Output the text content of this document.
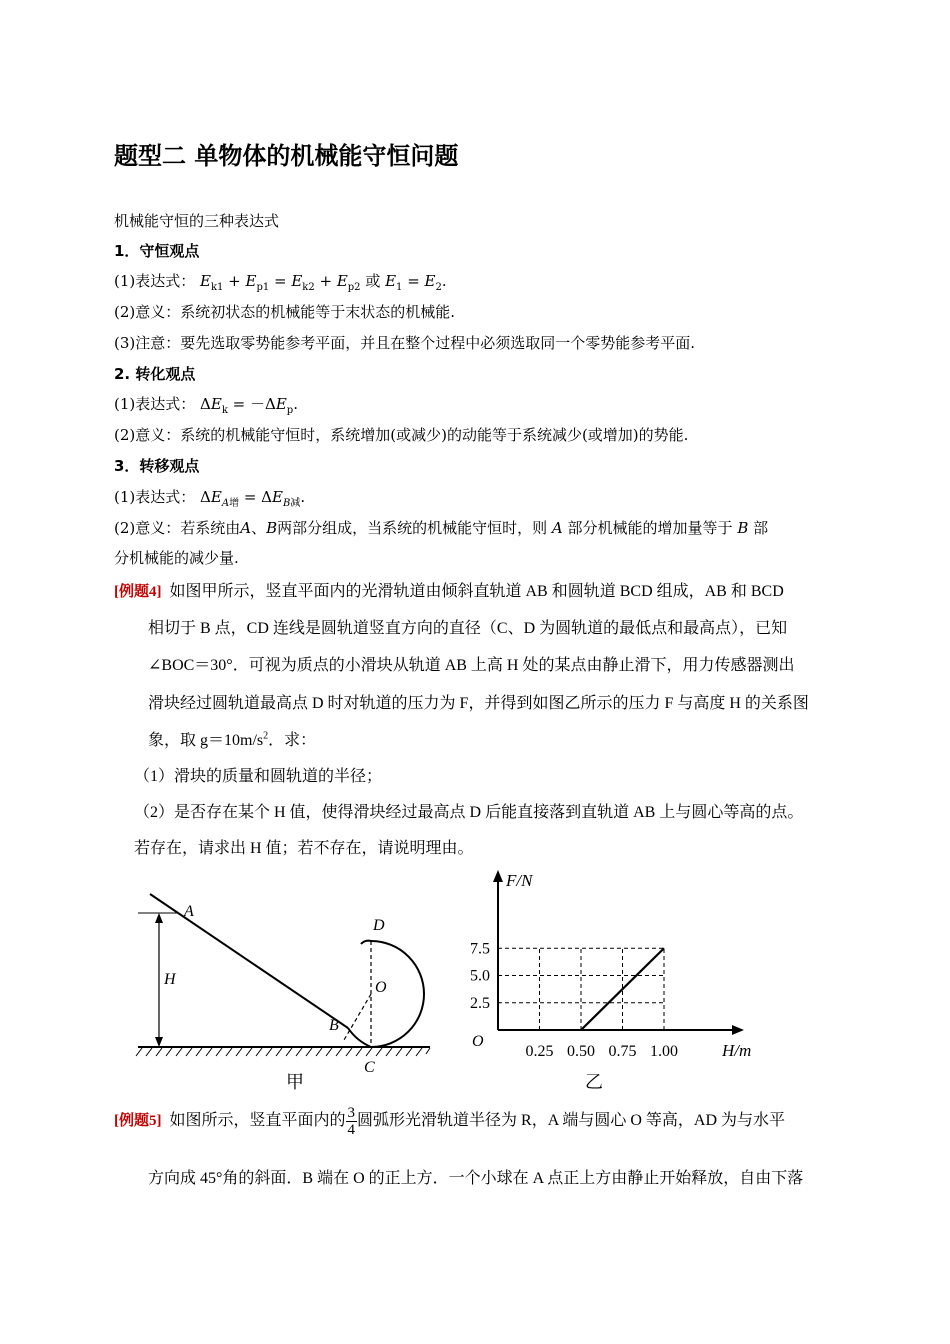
题型二 单物体的机械能守恒问题
机械能守恒的三种表达式
1．守恒观点
(1)表达式： $E_{k1} + E_{p1} = E_{k2} + E_{p2}$ 或 $E_1 = E_2$.
(2)意义：系统初状态的机械能等于末状态的机械能.
(3)注意：要先选取零势能参考平面，并且在整个过程中必须选取同一个零势能参考平面.
2. 转化观点
(1)表达式： $\Delta E_k = -\Delta E_p$.
(2)意义：系统的机械能守恒时，系统增加(或减少)的动能等于系统减少(或增加)的势能.
3．转移观点
(1)表达式： $\Delta E_{A增} = \Delta E_{B减}$.
(2)意义：若系统由A、B两部分组成，当系统的机械能守恒时，则 A 部分机械能的增加量等于 B 部
分机械能的减少量.
[例题4] 如图甲所示，竖直平面内的光滑轨道由倾斜直轨道 AB 和圆轨道 BCD 组成，AB 和 BCD
相切于 B 点，CD 连线是圆轨道竖直方向的直径（C、D 为圆轨道的最低点和最高点），已知
∠BOC＝30°．可视为质点的小滑块从轨道 AB 上高 H 处的某点由静止滑下，用力传感器测出
滑块经过圆轨道最高点 D 时对轨道的压力为 F，并得到如图乙所示的压力 F 与高度 H 的关系图
象，取 $g=10m/s^2$．求：
（1）滑块的质量和圆轨道的半径；
（2）是否存在某个 H 值，使得滑块经过最高点 D 后能直接落到直轨道 AB 上与圆心等高的点。
若存在，请求出 H 值；若不存在，请说明理由。
A
H
B
O
D
C
甲
0.25 0.50 0.75 1.00
2.5
5.0
7.5
O	H/m
F/N
乙
[例题5] 如图所示，竖直平面内的 $\frac{3}{4}$ 圆弧形光滑轨道半径为 R，A 端与圆心 O 等高，AD 为与水平
方向成 45°角的斜面．B 端在 O 的正上方．一个小球在 A 点正上方由静止开始释放，自由下落
